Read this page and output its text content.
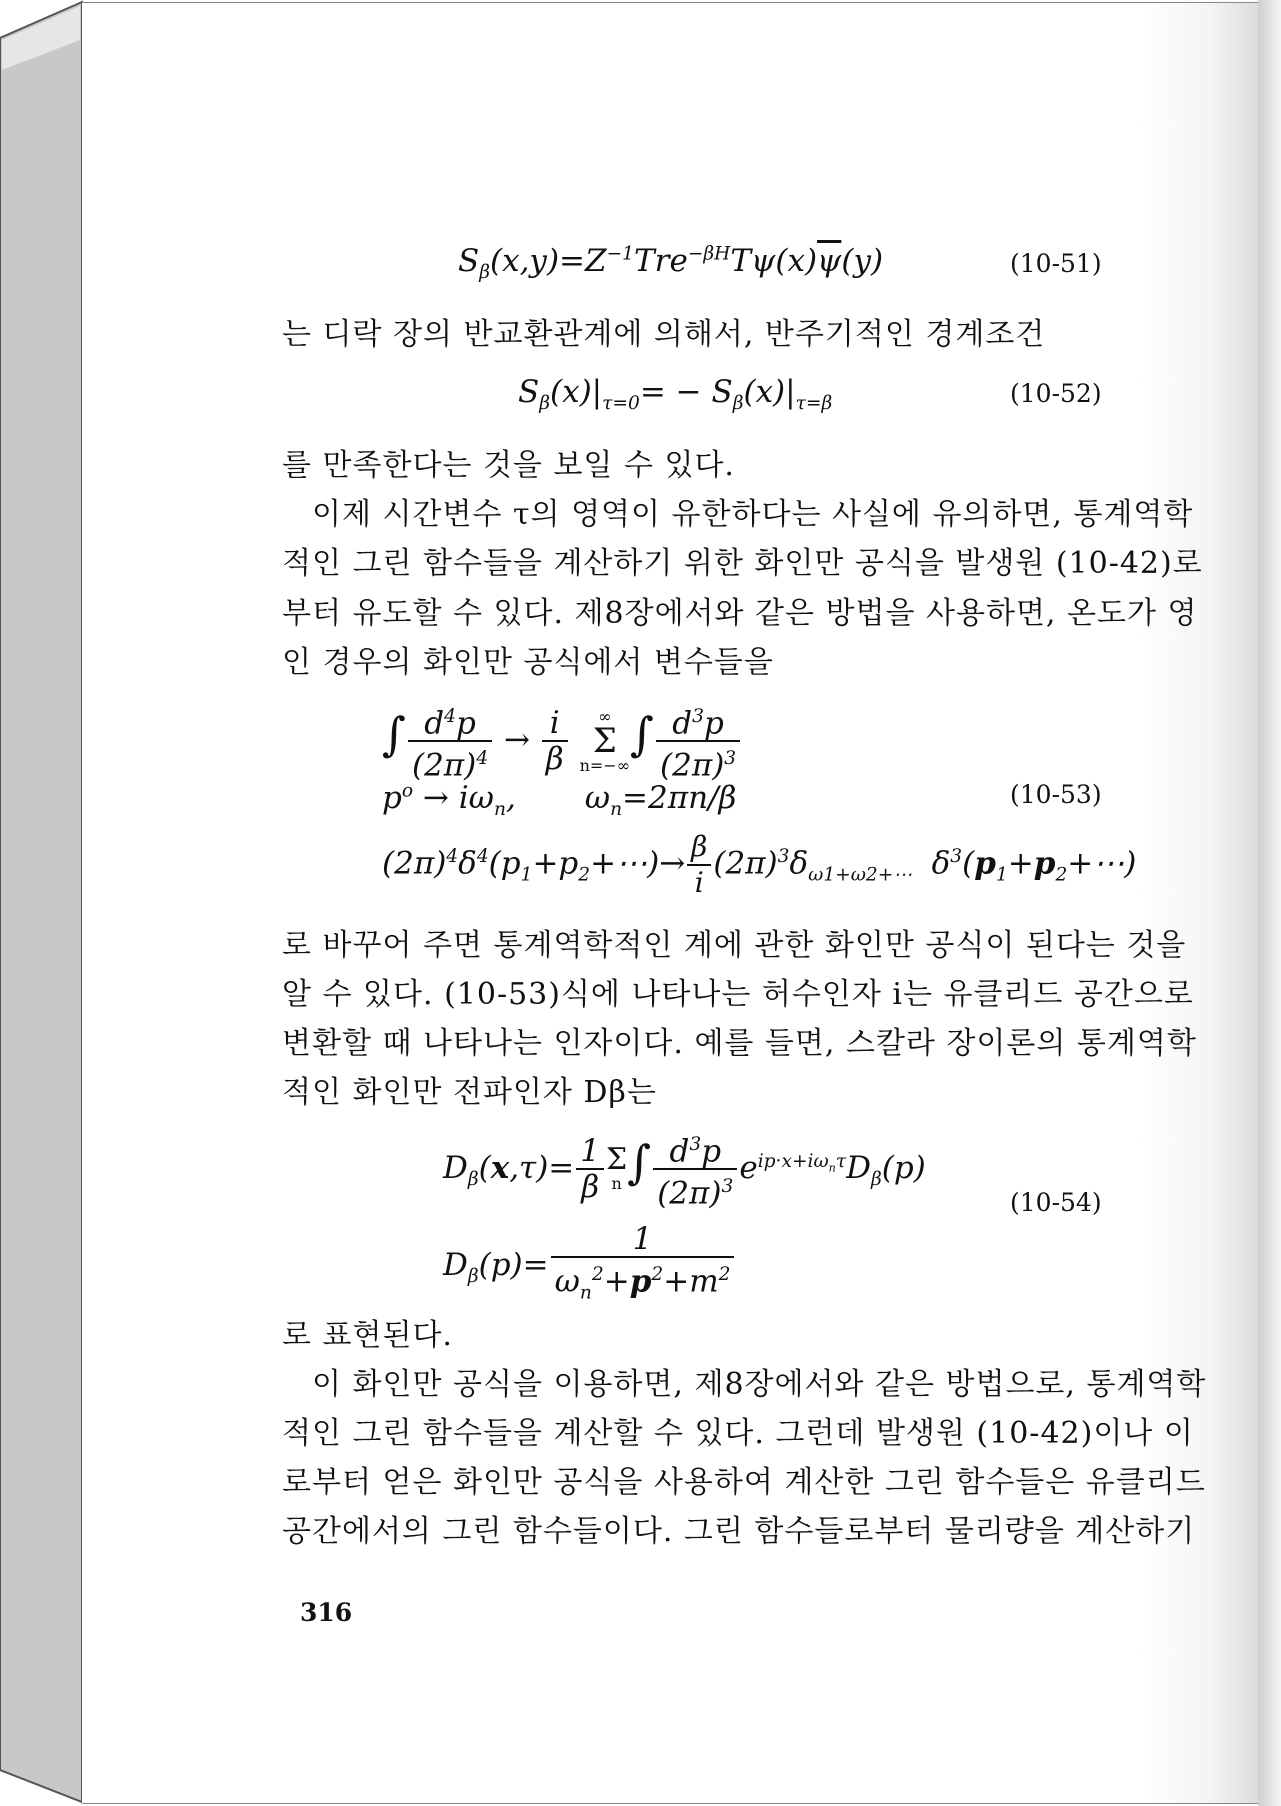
$S_\beta(x,y)=Z^{-1}Tre^{-\beta H}T\psi(x)\overline{\psi}(y)$	(10-51)
는 디락 장의 반교환관계에 의해서, 반주기적인 경계조건
$S_\beta(x)|_{\tau=0}= - S_\beta(x)|_{\tau=\beta}$	(10-52)
를 만족한다는 것을 보일 수 있다.
이제 시간변수 τ의 영역이 유한하다는 사실에 유의하면, 통계역학
적인 그린 함수들을 계산하기 위한 화인만 공식을 발생원 (10-42)로
부터 유도할 수 있다. 제8장에서와 같은 방법을 사용하면, 온도가 영
인 경우의 화인만 공식에서 변수들을
∫ $\frac{d^4p}{(2\pi)^4} \to \frac{i}{\beta}$
	∞
Σ
n=−∞
∫ $\frac{d^3p}{(2\pi)^3}$
$p^o \to i\omega_n$,       $\omega_n=2\pi n/\beta$	(10-53)
$(2\pi)^4\delta^4(p_1+p_2+\cdots)\to \frac{\beta}{i} (2\pi)^3\delta_{\omega 1+\omega 2+\cdots}$  $\delta^3(p_1+p_2+\cdots)$
로 바꾸어 주면 통계역학적인 계에 관한 화인만 공식이 된다는 것을
알 수 있다. (10-53)식에 나타나는 허수인자 i는 유클리드 공간으로
변환할 때 나타나는 인자이다. 예를 들면, 스칼라 장이론의 통계역학
적인 화인만 전파인자 Dβ는
$D_\beta(x,\tau)= \frac{1}{\beta}$ Σ
n ∫ $\frac{d^3p}{(2\pi)^3} e^{ip\cdot x+i\omega_n\tau}D_\beta(p)$
(10-54)
$D_\beta(p)= \frac{1}{\omega_n^2+p^2+m^2}$
로 표현된다.
이 화인만 공식을 이용하면, 제8장에서와 같은 방법으로, 통계역학
적인 그린 함수들을 계산할 수 있다. 그런데 발생원 (10-42)이나 이
로부터 얻은 화인만 공식을 사용하여 계산한 그린 함수들은 유클리드
공간에서의 그린 함수들이다. 그린 함수들로부터 물리량을 계산하기
316
